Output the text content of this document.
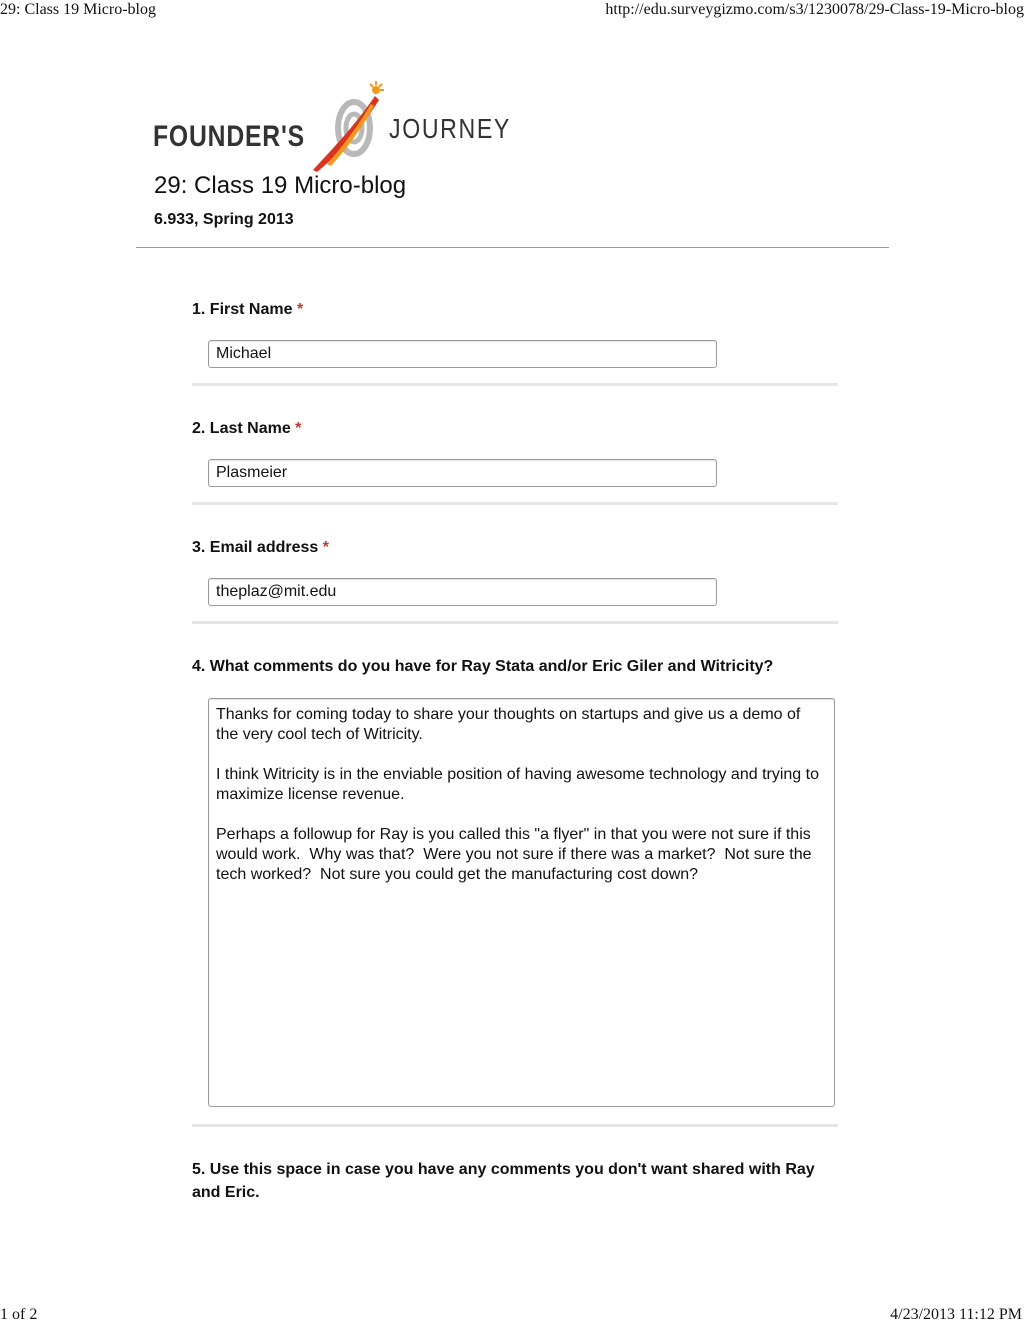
29: Class 19 Micro-blog	http://edu.surveygizmo.com/s3/1230078/29-Class-19-Micro-blog
FOUNDER'S	JOURNEY
29: Class 19 Micro-blog
6.933, Spring 2013
1. First Name *
Michael
2. Last Name *
Plasmeier
3. Email address *
theplaz@mit.edu
4. What comments do you have for Ray Stata and/or Eric Giler and Witricity?
Thanks for coming today to share your thoughts on startups and give us a demo of the very cool tech of Witricity.

I think Witricity is in the enviable position of having awesome technology and trying to maximize license revenue.

Perhaps a followup for Ray is you called this "a flyer" in that you were not sure if this would work.  Why was that?  Were you not sure if there was a market?  Not sure the tech worked?  Not sure you could get the manufacturing cost down?
5. Use this space in case you have any comments you don't want shared with Ray and Eric.
1 of 2	4/23/2013 11:12 PM
